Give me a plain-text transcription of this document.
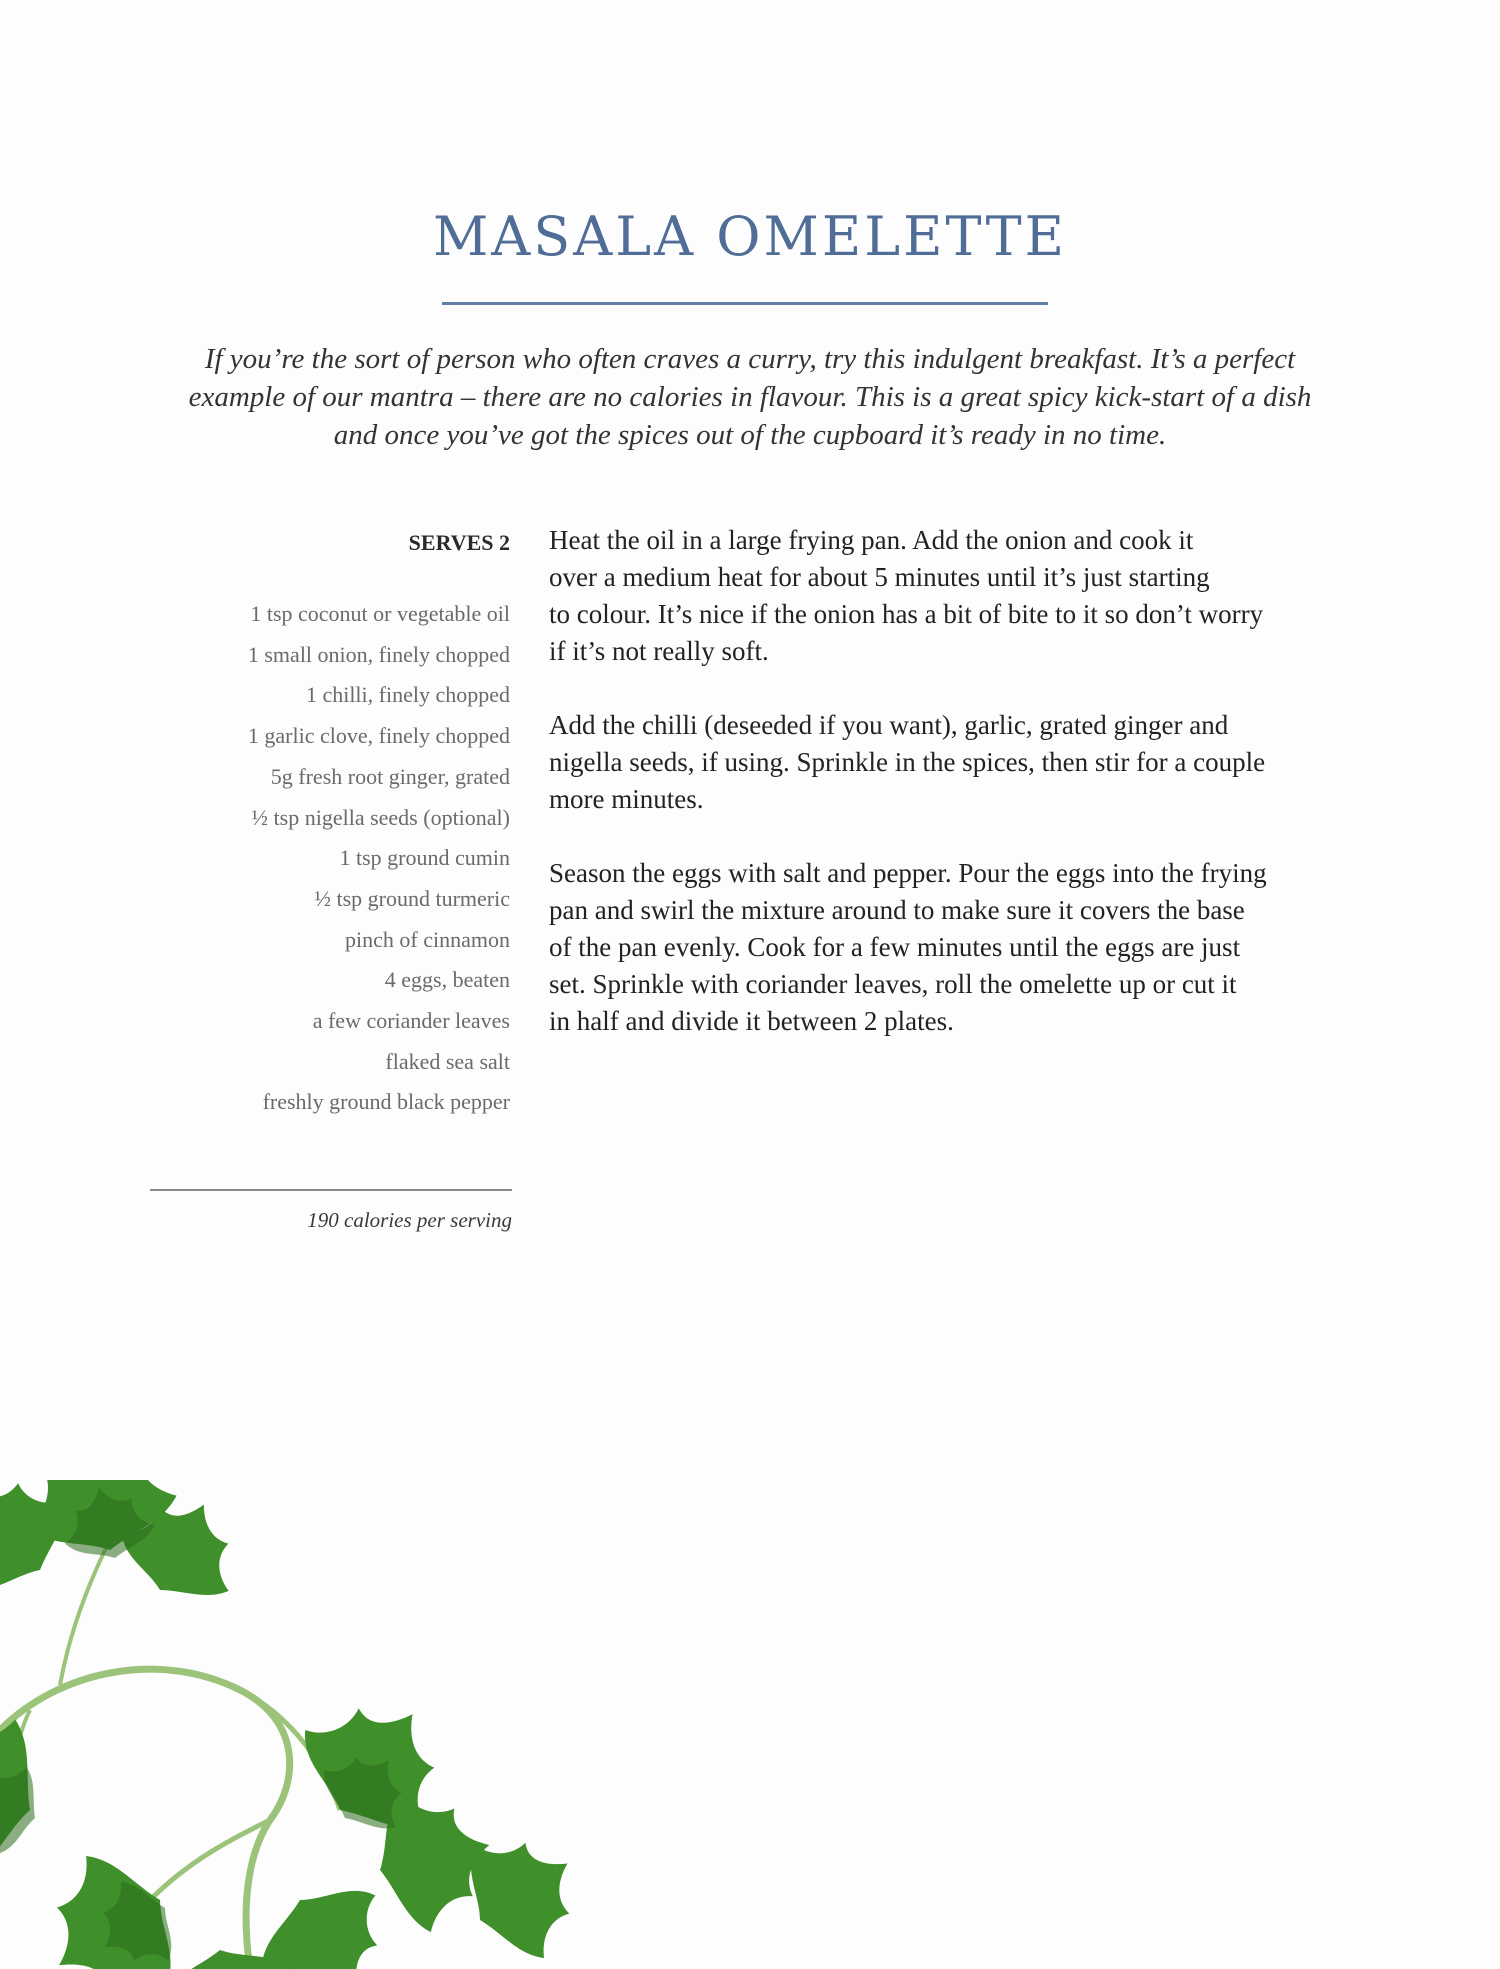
MASALA OMELETTE
If you’re the sort of person who often craves a curry, try this indulgent breakfast. It’s a perfect
example of our mantra – there are no calories in flavour. This is a great spicy kick-start of a dish
and once you’ve got the spices out of the cupboard it’s ready in no time.
SERVES 2
1 tsp coconut or vegetable oil
1 small onion, finely chopped
1 chilli, finely chopped
1 garlic clove, finely chopped
5g fresh root ginger, grated
½ tsp nigella seeds (optional)
1 tsp ground cumin
½ tsp ground turmeric
pinch of cinnamon
4 eggs, beaten
a few coriander leaves
flaked sea salt
freshly ground black pepper
190 calories per serving

Heat the oil in a large frying pan. Add the onion and cook it
over a medium heat for about 5 minutes until it’s just starting
to colour. It’s nice if the onion has a bit of bite to it so don’t worry
if it’s not really soft.

Add the chilli (deseeded if you want), garlic, grated ginger and
nigella seeds, if using. Sprinkle in the spices, then stir for a couple
more minutes.

Season the eggs with salt and pepper. Pour the eggs into the frying
pan and swirl the mixture around to make sure it covers the base
of the pan evenly. Cook for a few minutes until the eggs are just
set. Sprinkle with coriander leaves, roll the omelette up or cut it
in half and divide it between 2 plates.
